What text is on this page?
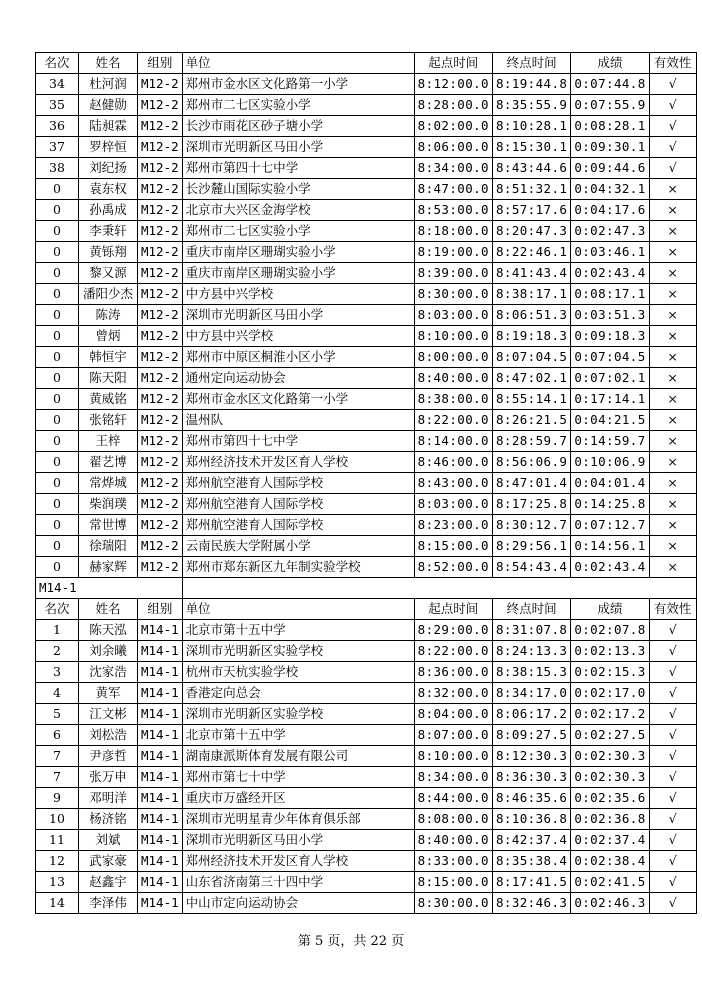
名次	姓名	组别	单位	起点时间	终点时间	成绩	有效性
34	杜河润	M12-2	郑州市金水区文化路第一小学	8:12:00.0	8:19:44.8	0:07:44.8	√
35	赵健勋	M12-2	郑州市二七区实验小学	8:28:00.0	8:35:55.9	0:07:55.9	√
36	陆昶霖	M12-2	长沙市雨花区砂子塘小学	8:02:00.0	8:10:28.1	0:08:28.1	√
37	罗梓恒	M12-2	深圳市光明新区马田小学	8:06:00.0	8:15:30.1	0:09:30.1	√
38	刘纪扬	M12-2	郑州市第四十七中学	8:34:00.0	8:43:44.6	0:09:44.6	√
0	袁东权	M12-2	长沙麓山国际实验小学	8:47:00.0	8:51:32.1	0:04:32.1	×
0	孙禹成	M12-2	北京市大兴区金海学校	8:53:00.0	8:57:17.6	0:04:17.6	×
0	李秉轩	M12-2	郑州市二七区实验小学	8:18:00.0	8:20:47.3	0:02:47.3	×
0	黄铄翔	M12-2	重庆市南岸区珊瑚实验小学	8:19:00.0	8:22:46.1	0:03:46.1	×
0	黎又源	M12-2	重庆市南岸区珊瑚实验小学	8:39:00.0	8:41:43.4	0:02:43.4	×
0	潘阳少杰	M12-2	中方县中兴学校	8:30:00.0	8:38:17.1	0:08:17.1	×
0	陈涛	M12-2	深圳市光明新区马田小学	8:03:00.0	8:06:51.3	0:03:51.3	×
0	曾炳	M12-2	中方县中兴学校	8:10:00.0	8:19:18.3	0:09:18.3	×
0	韩恒宇	M12-2	郑州市中原区桐淮小区小学	8:00:00.0	8:07:04.5	0:07:04.5	×
0	陈天阳	M12-2	通州定向运动协会	8:40:00.0	8:47:02.1	0:07:02.1	×
0	黄威铭	M12-2	郑州市金水区文化路第一小学	8:38:00.0	8:55:14.1	0:17:14.1	×
0	张铭轩	M12-2	温州队	8:22:00.0	8:26:21.5	0:04:21.5	×
0	王梓	M12-2	郑州市第四十七中学	8:14:00.0	8:28:59.7	0:14:59.7	×
0	翟艺博	M12-2	郑州经济技术开发区育人学校	8:46:00.0	8:56:06.9	0:10:06.9	×
0	常烨城	M12-2	郑州航空港育人国际学校	8:43:00.0	8:47:01.4	0:04:01.4	×
0	柴润璞	M12-2	郑州航空港育人国际学校	8:03:00.0	8:17:25.8	0:14:25.8	×
0	常世博	M12-2	郑州航空港育人国际学校	8:23:00.0	8:30:12.7	0:07:12.7	×
0	徐瑞阳	M12-2	云南民族大学附属小学	8:15:00.0	8:29:56.1	0:14:56.1	×
0	赫家辉	M12-2	郑州市郑东新区九年制实验学校	8:52:00.0	8:54:43.4	0:02:43.4	×
M14-1							
名次	姓名	组别	单位	起点时间	终点时间	成绩	有效性
1	陈天泓	M14-1	北京市第十五中学	8:29:00.0	8:31:07.8	0:02:07.8	√
2	刘余曦	M14-1	深圳市光明新区实验学校	8:22:00.0	8:24:13.3	0:02:13.3	√
3	沈家浩	M14-1	杭州市天杭实验学校	8:36:00.0	8:38:15.3	0:02:15.3	√
4	黄军	M14-1	香港定向总会	8:32:00.0	8:34:17.0	0:02:17.0	√
5	江文彬	M14-1	深圳市光明新区实验学校	8:04:00.0	8:06:17.2	0:02:17.2	√
6	刘松浩	M14-1	北京市第十五中学	8:07:00.0	8:09:27.5	0:02:27.5	√
7	尹彦哲	M14-1	湖南康派斯体育发展有限公司	8:10:00.0	8:12:30.3	0:02:30.3	√
7	张万申	M14-1	郑州市第七十中学	8:34:00.0	8:36:30.3	0:02:30.3	√
9	邓明洋	M14-1	重庆市万盛经开区	8:44:00.0	8:46:35.6	0:02:35.6	√
10	杨济铭	M14-1	深圳市光明星青少年体育俱乐部	8:08:00.0	8:10:36.8	0:02:36.8	√
11	刘斌	M14-1	深圳市光明新区马田小学	8:40:00.0	8:42:37.4	0:02:37.4	√
12	武家豪	M14-1	郑州经济技术开发区育人学校	8:33:00.0	8:35:38.4	0:02:38.4	√
13	赵鑫宇	M14-1	山东省济南第三十四中学	8:15:00.0	8:17:41.5	0:02:41.5	√
14	李泽伟	M14-1	中山市定向运动协会	8:30:00.0	8:32:46.3	0:02:46.3	√
第 5 页，共 22 页
